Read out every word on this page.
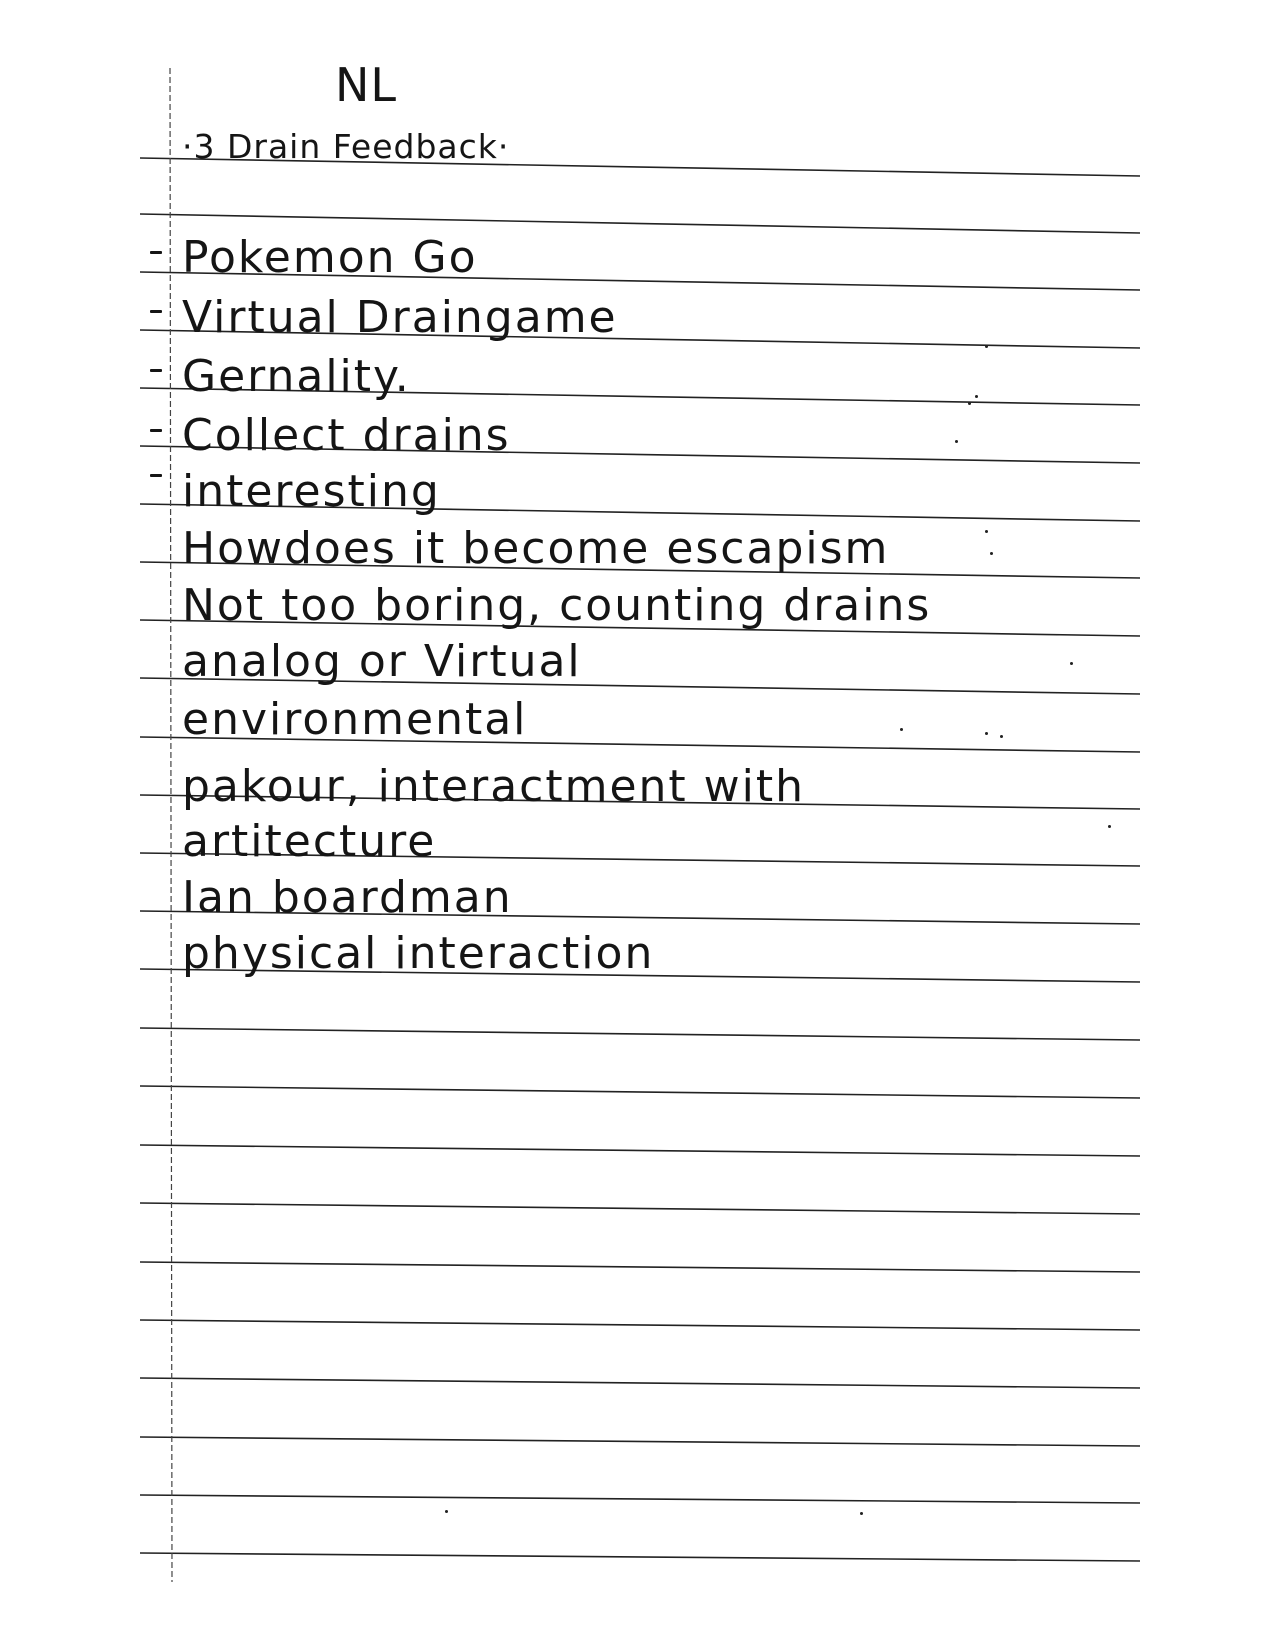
NL
·3 Drain Feedback·
Pokemon Go
Virtual Draingame
Gernality.
Collect drains
interesting
Howdoes it become escapism
Not too boring, counting drains
analog or Virtual
environmental
pakour, interactment with
artitecture
Ian boardman
physical interaction
